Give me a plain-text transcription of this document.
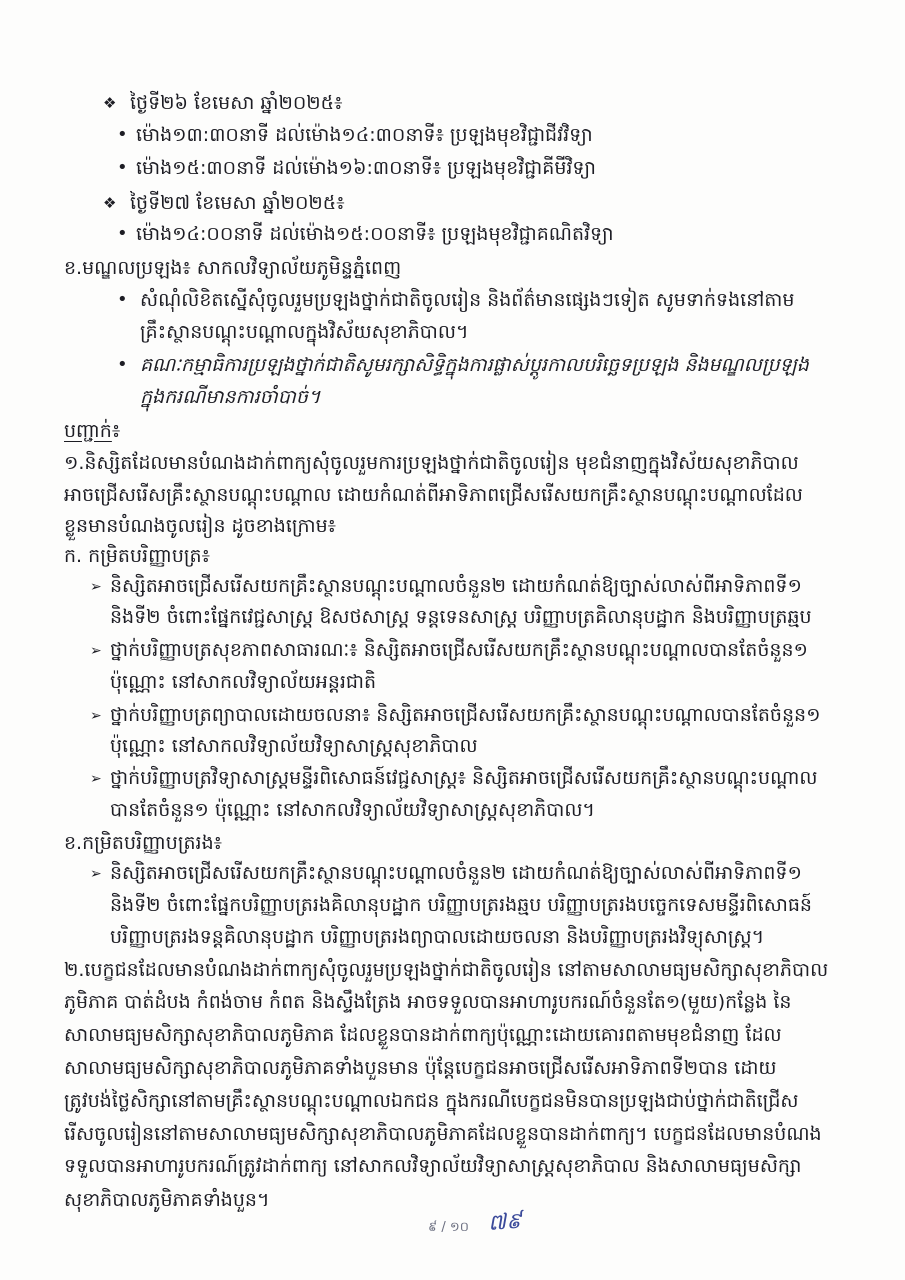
❖
ថ្ងៃទី២៦ ខែមេសា ឆ្នាំ២០២៥៖
•
ម៉ោង១៣:៣០នាទី ដល់ម៉ោង១៤:៣០នាទី៖ ប្រឡងមុខវិជ្ជាជីវវិទ្យា
•
ម៉ោង១៥:៣០នាទី ដល់ម៉ោង១៦:៣០នាទី៖ ប្រឡងមុខវិជ្ជាគីមីវិទ្យា
❖
ថ្ងៃទី២៧ ខែមេសា ឆ្នាំ២០២៥៖
•
ម៉ោង១៤:០០នាទី ដល់ម៉ោង១៥:០០នាទី៖ ប្រឡងមុខវិជ្ជាគណិតវិទ្យា
ខ.មណ្ឌលប្រឡង៖ សាកលវិទ្យាល័យភូមិន្ទភ្នំពេញ
•
សំណុំលិខិតស្នើសុំចូលរួមប្រឡងថ្នាក់ជាតិចូលរៀន និងព័ត៌មានផ្សេងៗទៀត សូមទាក់ទងនៅតាម
គ្រឹះស្ថានបណ្តុះបណ្តាលក្នុងវិស័យសុខាភិបាល។
•
គណៈកម្មាធិការប្រឡងថ្នាក់ជាតិសូមរក្សាសិទ្ធិក្នុងការផ្លាស់ប្តូរកាលបរិច្ឆេទប្រឡង និងមណ្ឌលប្រឡង
ក្នុងករណីមានការចាំបាច់។
បញ្ជាក់៖
១.និស្សិតដែលមានបំណងដាក់ពាក្យសុំចូលរួមការប្រឡងថ្នាក់ជាតិចូលរៀន មុខជំនាញក្នុងវិស័យសុខាភិបាល
អាចជ្រើសរើសគ្រឹះស្ថានបណ្តុះបណ្តាល ដោយកំណត់ពីអាទិភាពជ្រើសរើសយកគ្រឹះស្ថានបណ្តុះបណ្តាលដែល
ខ្លួនមានបំណងចូលរៀន ដូចខាងក្រោម៖
ក. កម្រិតបរិញ្ញាបត្រ៖
➢
និស្សិតអាចជ្រើសរើសយកគ្រឹះស្ថានបណ្តុះបណ្តាលចំនួន២ ដោយកំណត់ឱ្យច្បាស់លាស់ពីអាទិភាពទី១
និងទី២ ចំពោះផ្នែកវេជ្ជសាស្ត្រ ឱសថសាស្ត្រ ទន្តទេនសាស្ត្រ បរិញ្ញាបត្រគិលានុបដ្ឋាក និងបរិញ្ញាបត្រឆ្មប
➢
ថ្នាក់បរិញ្ញាបត្រសុខភាពសាធារណៈ៖ និស្សិតអាចជ្រើសរើសយកគ្រឹះស្ថានបណ្តុះបណ្តាលបានតែចំនួន១
ប៉ុណ្ណោះ នៅសាកលវិទ្យាល័យអន្តរជាតិ
➢
ថ្នាក់បរិញ្ញាបត្រព្យាបាលដោយចលនា៖ និស្សិតអាចជ្រើសរើសយកគ្រឹះស្ថានបណ្តុះបណ្តាលបានតែចំនួន១
ប៉ុណ្ណោះ នៅសាកលវិទ្យាល័យវិទ្យាសាស្ត្រសុខាភិបាល
➢
ថ្នាក់បរិញ្ញាបត្រវិទ្យាសាស្ត្រមន្ទីរពិសោធន៍វេជ្ជសាស្ត្រ៖ និស្សិតអាចជ្រើសរើសយកគ្រឹះស្ថានបណ្តុះបណ្តាល
បានតែចំនួន១ ប៉ុណ្ណោះ នៅសាកលវិទ្យាល័យវិទ្យាសាស្ត្រសុខាភិបាល។
ខ.កម្រិតបរិញ្ញាបត្ររង៖
➢
និស្សិតអាចជ្រើសរើសយកគ្រឹះស្ថានបណ្តុះបណ្តាលចំនួន២ ដោយកំណត់ឱ្យច្បាស់លាស់ពីអាទិភាពទី១
និងទី២ ចំពោះផ្នែកបរិញ្ញាបត្ររងគិលានុបដ្ឋាក បរិញ្ញាបត្ររងឆ្មប បរិញ្ញាបត្ររងបច្ចេកទេសមន្ទីរពិសោធន៍
បរិញ្ញាបត្ររងទន្តគិលានុបដ្ឋាក បរិញ្ញាបត្ររងព្យាបាលដោយចលនា និងបរិញ្ញាបត្ររងវិទ្យុសាស្ត្រ។
២.បេក្ខជនដែលមានបំណងដាក់ពាក្យសុំចូលរួមប្រឡងថ្នាក់ជាតិចូលរៀន នៅតាមសាលាមធ្យមសិក្សាសុខាភិបាល
ភូមិភាគ បាត់ដំបង កំពង់ចាម កំពត និងស្ទឹងត្រែង អាចទទួលបានអាហារូបករណ៍ចំនួនតែ១(មួយ)កន្លែង នៃ
សាលាមធ្យមសិក្សាសុខាភិបាលភូមិភាគ ដែលខ្លួនបានដាក់ពាក្យប៉ុណ្ណោះដោយគោរពតាមមុខជំនាញ ដែល
សាលាមធ្យមសិក្សាសុខាភិបាលភូមិភាគទាំងបួនមាន ប៉ុន្តែបេក្ខជនអាចជ្រើសរើសអាទិភាពទី២បាន ដោយ
ត្រូវបង់ថ្លៃសិក្សានៅតាមគ្រឹះស្ថានបណ្តុះបណ្តាលឯកជន ក្នុងករណីបេក្ខជនមិនបានប្រឡងជាប់ថ្នាក់ជាតិជ្រើស
រើសចូលរៀននៅតាមសាលាមធ្យមសិក្សាសុខាភិបាលភូមិភាគដែលខ្លួនបានដាក់ពាក្យ។ បេក្ខជនដែលមានបំណង
ទទួលបានអាហារូបករណ៍ត្រូវដាក់ពាក្យ នៅសាកលវិទ្យាល័យវិទ្យាសាស្ត្រសុខាភិបាល និងសាលាមធ្យមសិក្សា
សុខាភិបាលភូមិភាគទាំងបួន។
៩ / ១០ ៧៩
